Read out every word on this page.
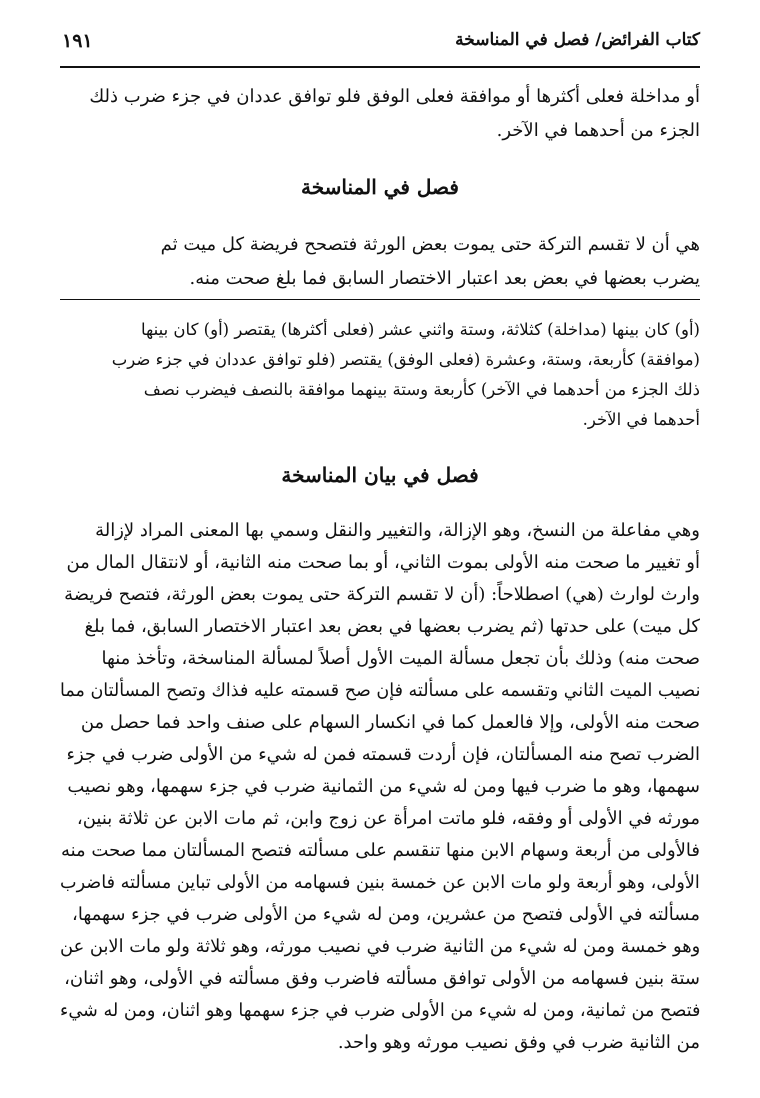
كتاب الفرائض/ فصل في المناسخة
١٩١
أو مداخلة فعلى أكثرها أو موافقة فعلى الوفق فلو توافق عددان في جزء ضرب ذلك
الجزء من أحدهما في الآخر.
فصل في المناسخة
هي أن لا تقسم التركة حتى يموت بعض الورثة فتصحح فريضة كل ميت ثم
يضرب بعضها في بعض بعد اعتبار الاختصار السابق فما بلغ صحت منه.
(أو) كان بينها (مداخلة) كثلاثة، وستة واثني عشر (فعلى أكثرها) يقتصر (أو) كان بينها
(موافقة) كأربعة، وستة، وعشرة (فعلى الوفق) يقتصر (فلو توافق عددان في جزء ضرب
ذلك الجزء من أحدهما في الآخر) كأربعة وستة بينهما موافقة بالنصف فيضرب نصف
أحدهما في الآخر.
فصل في بيان المناسخة
وهي مفاعلة من النسخ، وهو الإزالة، والتغيير والنقل وسمي بها المعنى المراد لإزالة
أو تغيير ما صحت منه الأولى بموت الثاني، أو بما صحت منه الثانية، أو لانتقال المال من
وارث لوارث (هي) اصطلاحاً: (أن لا تقسم التركة حتى يموت بعض الورثة، فتصح فريضة
كل ميت) على حدتها (ثم يضرب بعضها في بعض بعد اعتبار الاختصار السابق، فما بلغ
صحت منه) وذلك بأن تجعل مسألة الميت الأول أصلاً لمسألة المناسخة، وتأخذ منها
نصيب الميت الثاني وتقسمه على مسألته فإن صح قسمته عليه فذاك وتصح المسألتان مما
صحت منه الأولى، وإلا فالعمل كما في انكسار السهام على صنف واحد فما حصل من
الضرب تصح منه المسألتان، فإن أردت قسمته فمن له شيء من الأولى ضرب في جزء
سهمها، وهو ما ضرب فيها ومن له شيء من الثمانية ضرب في جزء سهمها، وهو نصيب
مورثه في الأولى أو وفقه، فلو ماتت امرأة عن زوج وابن، ثم مات الابن عن ثلاثة بنين،
فالأولى من أربعة وسهام الابن منها تنقسم على مسألته فتصح المسألتان مما صحت منه
الأولى، وهو أربعة ولو مات الابن عن خمسة بنين فسهامه من الأولى تباين مسألته فاضرب
مسألته في الأولى فتصح من عشرين، ومن له شيء من الأولى ضرب في جزء سهمها،
وهو خمسة ومن له شيء من الثانية ضرب في نصيب مورثه، وهو ثلاثة ولو مات الابن عن
ستة بنين فسهامه من الأولى توافق مسألته فاضرب وفق مسألته في الأولى، وهو اثنان،
فتصح من ثمانية، ومن له شيء من الأولى ضرب في جزء سهمها وهو اثنان، ومن له شيء
من الثانية ضرب في وفق نصيب مورثه وهو واحد.
